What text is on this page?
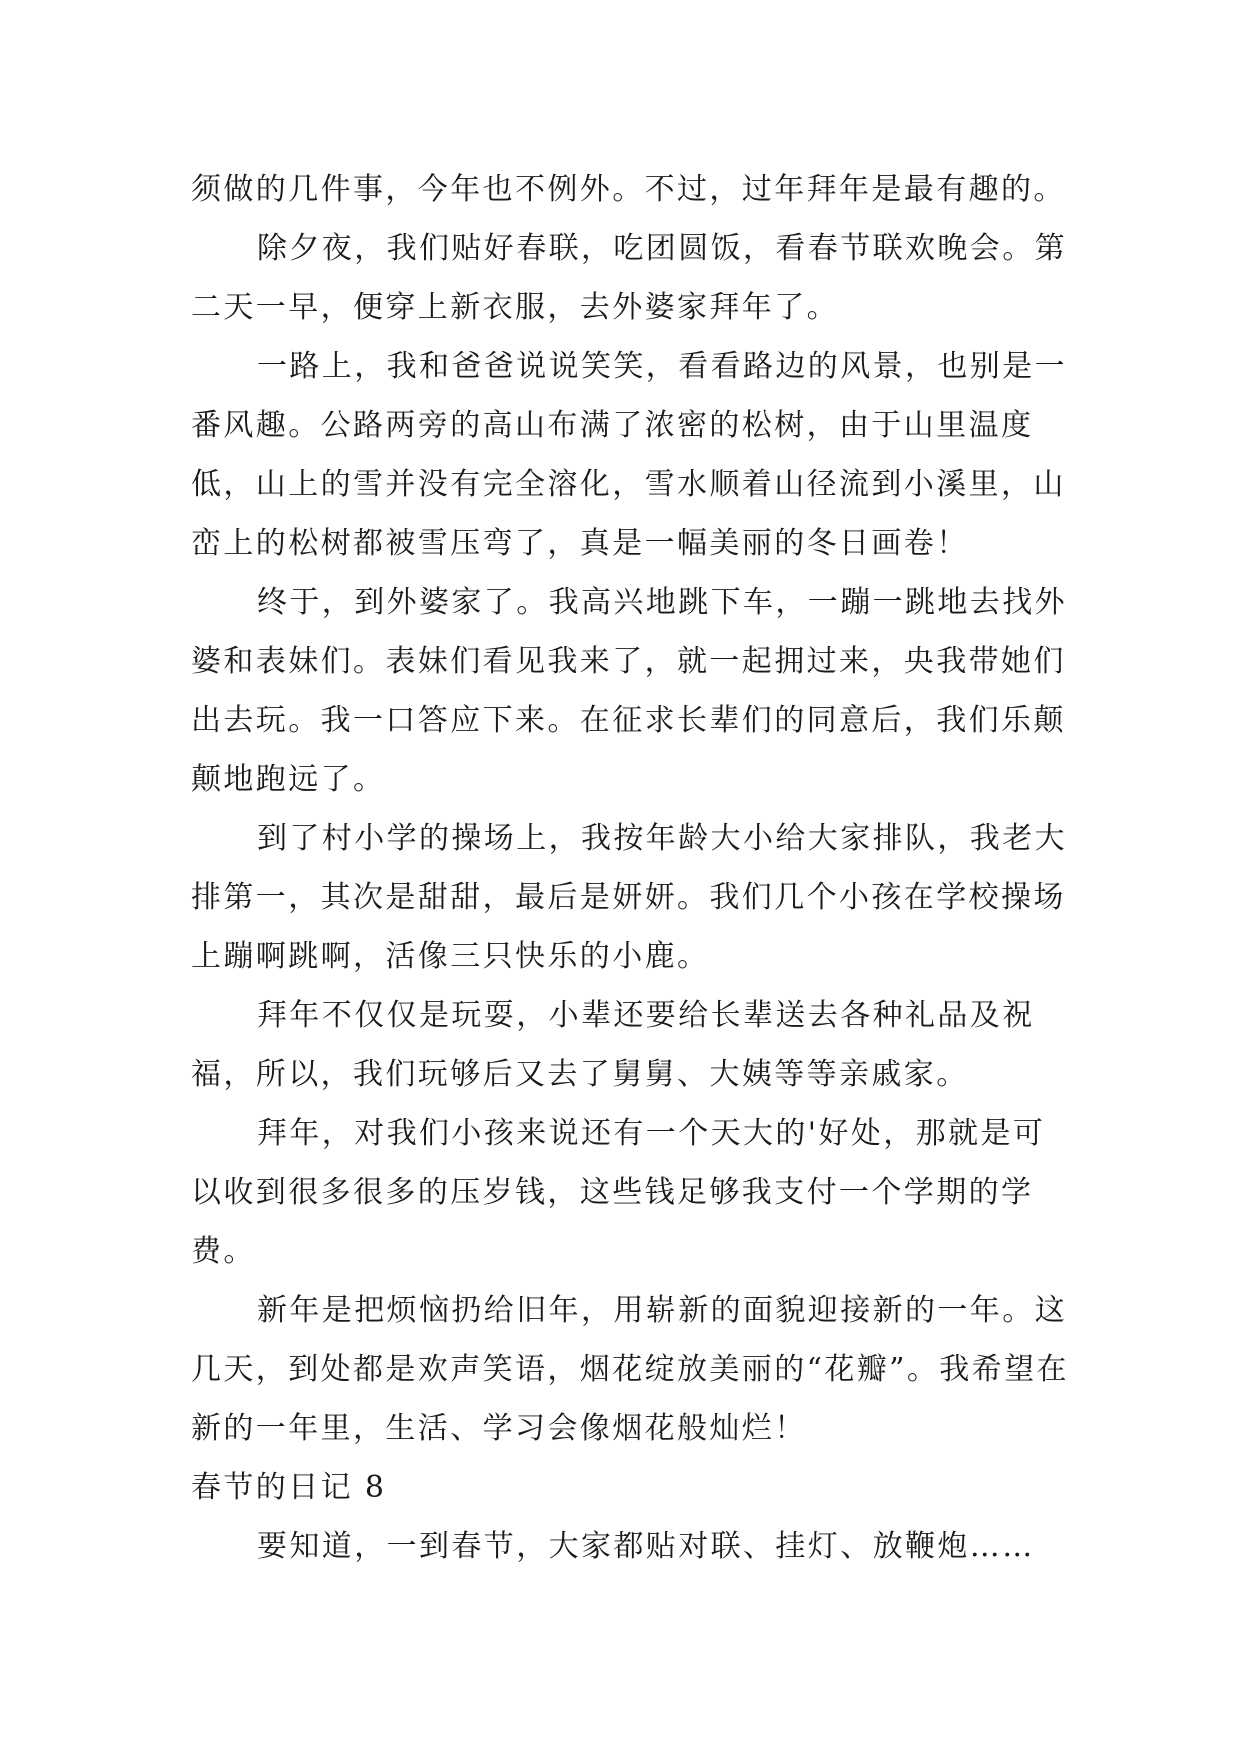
须做的几件事，今年也不例外。不过，过年拜年是最有趣的。

除夕夜，我们贴好春联，吃团圆饭，看春节联欢晚会。第二天一早，便穿上新衣服，去外婆家拜年了。

一路上，我和爸爸说说笑笑，看看路边的风景，也别是一番风趣。公路两旁的高山布满了浓密的松树，由于山里温度低，山上的雪并没有完全溶化，雪水顺着山径流到小溪里，山峦上的松树都被雪压弯了，真是一幅美丽的冬日画卷！

终于，到外婆家了。我高兴地跳下车，一蹦一跳地去找外婆和表妹们。表妹们看见我来了，就一起拥过来，央我带她们出去玩。我一口答应下来。在征求长辈们的同意后，我们乐颠颠地跑远了。

到了村小学的操场上，我按年龄大小给大家排队，我老大排第一，其次是甜甜，最后是妍妍。我们几个小孩在学校操场上蹦啊跳啊，活像三只快乐的小鹿。

拜年不仅仅是玩耍，小辈还要给长辈送去各种礼品及祝福，所以，我们玩够后又去了舅舅、大姨等等亲戚家。

拜年，对我们小孩来说还有一个天大的'好处，那就是可以收到很多很多的压岁钱，这些钱足够我支付一个学期的学费。

新年是把烦恼扔给旧年，用崭新的面貌迎接新的一年。这几天，到处都是欢声笑语，烟花绽放美丽的“花瓣”。我希望在新的一年里，生活、学习会像烟花般灿烂！

春节的日记 8

要知道，一到春节，大家都贴对联、挂灯、放鞭炮……
